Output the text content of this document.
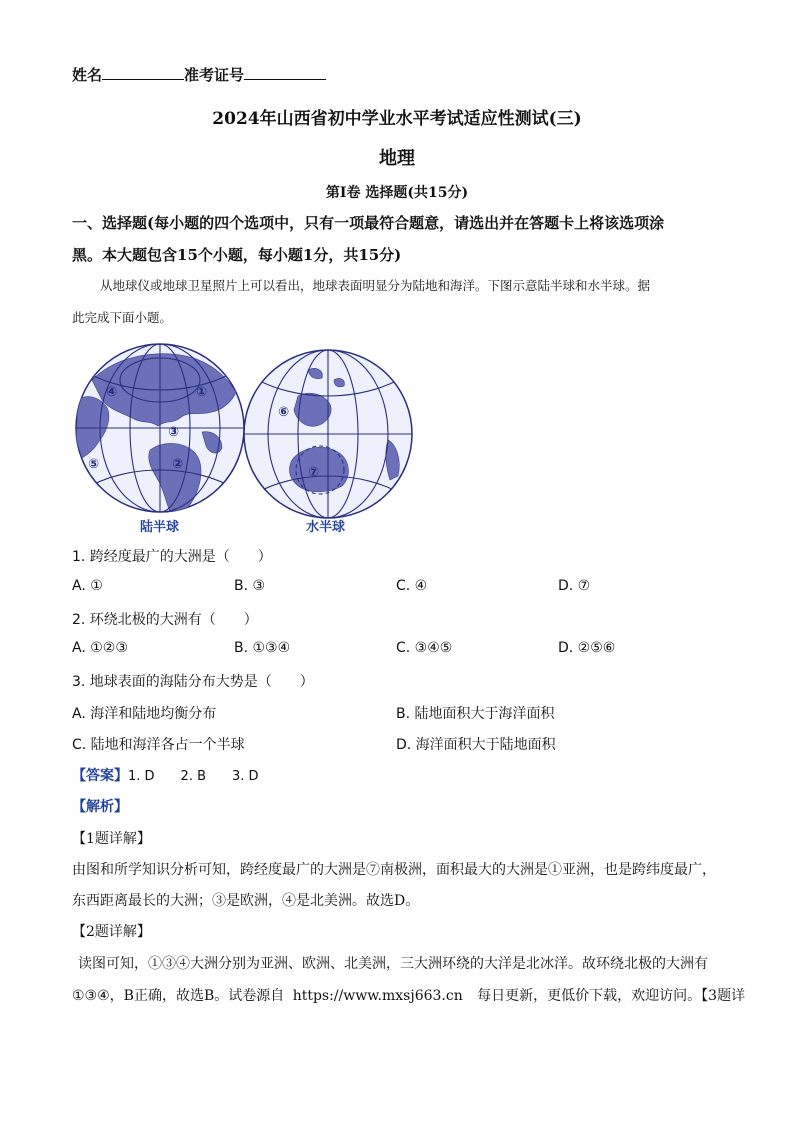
姓名	准考证号
2024年山西省初中学业水平考试适应性测试(三)
地理
第Ⅰ卷 选择题(共15分)
一、选择题(每小题的四个选项中，只有一项最符合题意，请选出并在答题卡上将该选项涂
黑。本大题包含15个小题，每小题1分，共15分)
从地球仪或地球卫星照片上可以看出，地球表面明显分为陆地和海洋。下图示意陆半球和水半球。据
此完成下面小题。
④	①
③
②
⑤
⑥
⑦
陆半球	水半球
1. 跨经度最广的大洲是（　　）
A. ①	B. ③	C. ④	D. ⑦
2. 环绕北极的大洲有（　　）
A. ①②③	B. ①③④	C. ③④⑤	D. ②⑤⑥
3. 地球表面的海陆分布大势是（　　）
A. 海洋和陆地均衡分布	B. 陆地面积大于海洋面积
C. 陆地和海洋各占一个半球	D. 海洋面积大于陆地面积
【答案】1. D　　2. B　　3. D
【解析】
【1题详解】
由图和所学知识分析可知，跨经度最广的大洲是⑦南极洲，面积最大的大洲是①亚洲，也是跨纬度最广，
东西距离最长的大洲；③是欧洲，④是北美洲。故选D。
【2题详解】
读图可知，①③④大洲分别为亚洲、欧洲、北美洲，三大洲环绕的大洋是北冰洋。故环绕北极的大洲有
①③④，B正确，故选B。试卷源自 https://www.mxsj663.cn 每日更新，更低价下载，欢迎访问。【3题详
